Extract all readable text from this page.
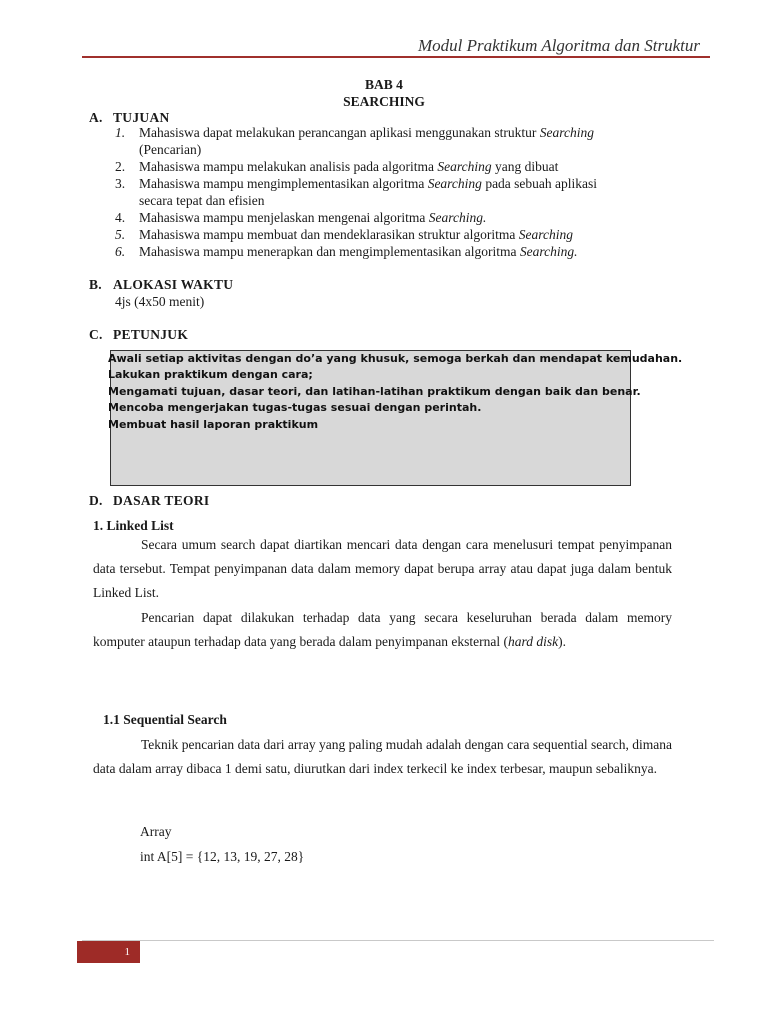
Modul Praktikum Algoritma dan Struktur
BAB 4
SEARCHING
A. TUJUAN
1. Mahasiswa dapat melakukan perancangan aplikasi menggunakan struktur Searching
(Pencarian)
2. Mahasiswa mampu melakukan analisis pada algoritma Searching yang dibuat
3. Mahasiswa mampu mengimplementasikan algoritma Searching pada sebuah aplikasi
secara tepat dan efisien
4. Mahasiswa mampu menjelaskan mengenai algoritma Searching.
5. Mahasiswa mampu membuat dan mendeklarasikan struktur algoritma Searching
6. Mahasiswa mampu menerapkan dan mengimplementasikan algoritma Searching.
B. ALOKASI WAKTU
4js (4x50 menit)
C. PETUNJUK
Awali setiap aktivitas dengan do’a yang khusuk, semoga berkah dan mendapat kemudahan.
Lakukan praktikum dengan cara;
Mengamati tujuan, dasar teori, dan latihan-latihan praktikum dengan baik dan benar.
Mencoba mengerjakan tugas-tugas sesuai dengan perintah.
Membuat hasil laporan praktikum
D. DASAR TEORI
1. Linked List
Secara umum search dapat diartikan mencari data dengan cara menelusuri tempat penyimpanan data tersebut. Tempat penyimpanan data dalam memory dapat berupa array atau dapat juga dalam bentuk Linked List.
Pencarian dapat dilakukan terhadap data yang secara keseluruhan berada dalam memory komputer ataupun terhadap data yang berada dalam penyimpanan eksternal (hard disk).
1.1 Sequential Search
Teknik pencarian data dari array yang paling mudah adalah dengan cara sequential search, dimana data dalam array dibaca 1 demi satu, diurutkan dari index terkecil ke index terbesar, maupun sebaliknya.
Array
int A[5] = {12, 13, 19, 27, 28}
1
